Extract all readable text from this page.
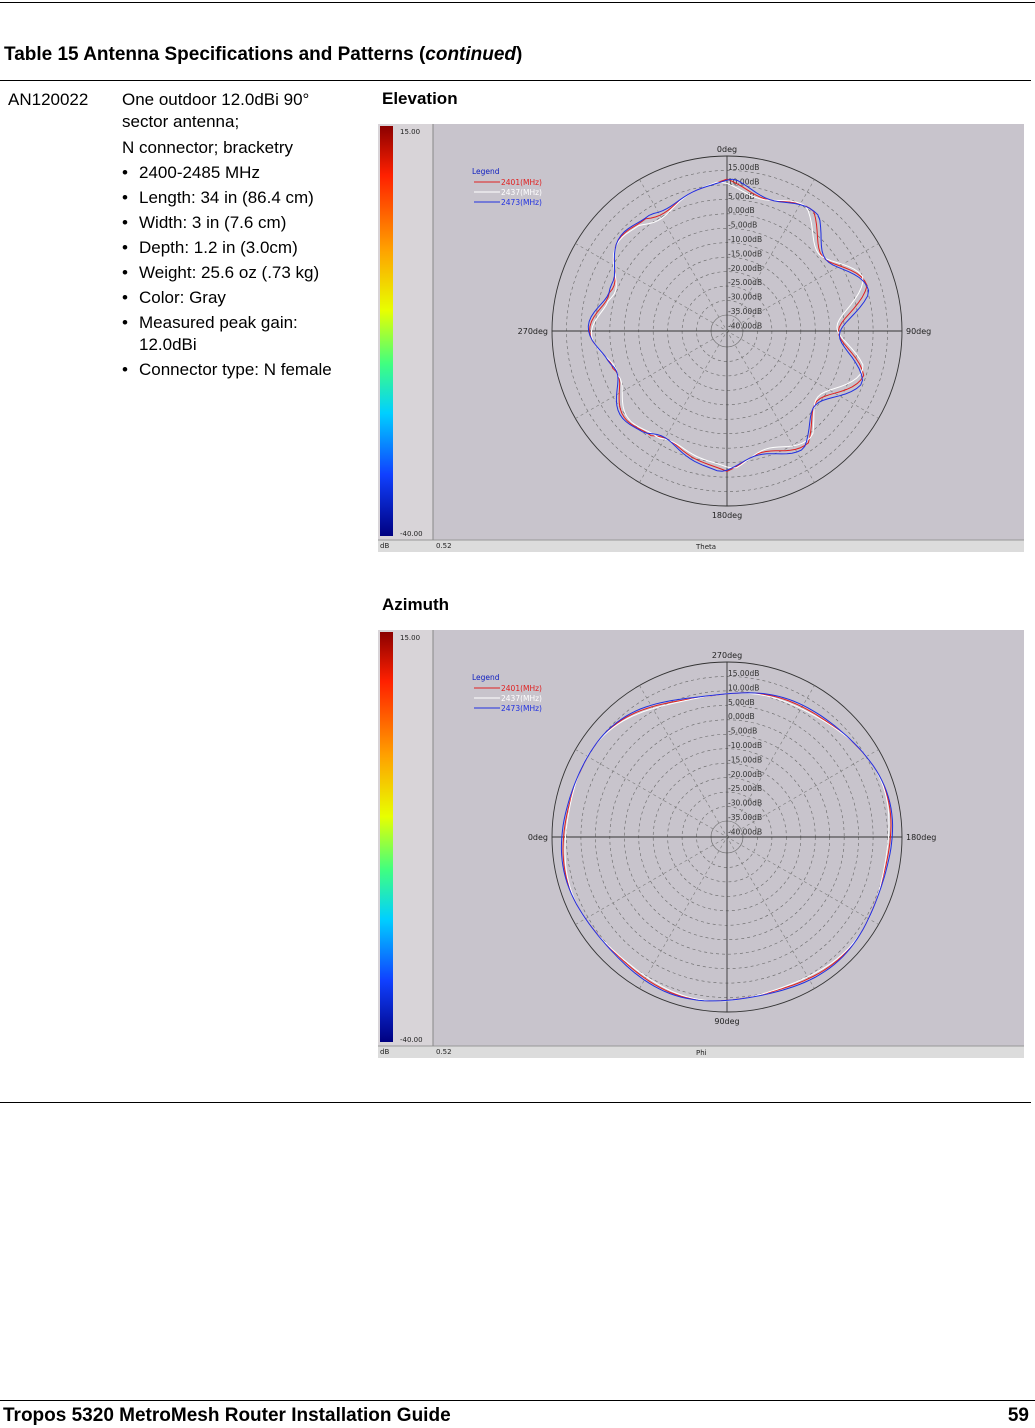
Table 15 Antenna Specifications and Patterns (continued)
AN120022 One outdoor 12.0dBi 90° sector antenna;
N connector; bracketry
• 2400-2485 MHz
• Length: 34 in (86.4 cm)
• Width: 3 in (7.6 cm)
• Depth: 1.2 in (3.0cm)
• Weight: 25.6 oz (.73 kg)
• Color: Gray
• Measured peak gain: 12.0dBi
• Connector type: N female
Elevation
15.00
-40.00
dB	0.52	Theta
15.00dB
10.00dB
5.00dB
0.00dB
-5.00dB
-10.00dB
-15.00dB
-20.00dB
-25.00dB
-30.00dB
-35.00dB
-40.00dB
0deg
90deg
180deg
270deg
Legend
2401(MHz)
2437(MHz)
2473(MHz)
Azimuth
15.00
-40.00
dB	0.52	Phi
15.00dB
10.00dB
5.00dB
0.00dB
-5.00dB
-10.00dB
-15.00dB
-20.00dB
-25.00dB
-30.00dB
-35.00dB
-40.00dB
270deg
180deg
90deg
0deg
Legend
2401(MHz)
2437(MHz)
2473(MHz)
Tropos 5320 MetroMesh Router Installation Guide	59
